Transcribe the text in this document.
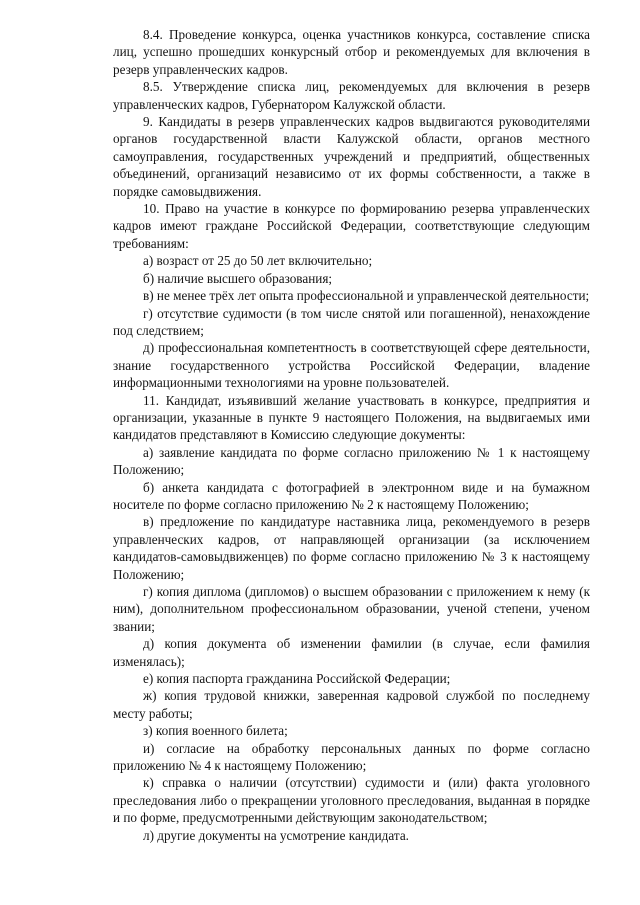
8.4. Проведение конкурса, оценка участников конкурса, составление списка лиц, успешно прошедших конкурсный отбор и рекомендуемых для включения в резерв управленческих кадров.

8.5. Утверждение списка лиц, рекомендуемых для включения в резерв управленческих кадров, Губернатором Калужской области.

9. Кандидаты в резерв управленческих кадров выдвигаются руководителями органов государственной власти Калужской области, органов местного самоуправления, государственных учреждений и предприятий, общественных объединений, организаций независимо от их формы собственности, а также в порядке самовыдвижения.

10. Право на участие в конкурсе по формированию резерва управленческих кадров имеют граждане Российской Федерации, соответствующие следующим требованиям:

а) возраст от 25 до 50 лет включительно;

б) наличие высшего образования;

в) не менее трёх лет опыта профессиональной и управленческой деятельности;

г) отсутствие судимости (в том числе снятой или погашенной), ненахождение под следствием;

д) профессиональная компетентность в соответствующей сфере деятельности, знание государственного устройства Российской Федерации, владение информационными технологиями на уровне пользователей.

11. Кандидат, изъявивший желание участвовать в конкурсе, предприятия и организации, указанные в пункте 9 настоящего Положения, на выдвигаемых ими кандидатов представляют в Комиссию следующие документы:

а) заявление кандидата по форме согласно приложению № 1 к настоящему Положению;

б) анкета кандидата с фотографией в электронном виде и на бумажном носителе по форме согласно приложению № 2 к настоящему Положению;

в) предложение по кандидатуре наставника лица, рекомендуемого в резерв управленческих кадров, от направляющей организации (за исключением кандидатов-самовыдвиженцев) по форме согласно приложению № 3 к настоящему Положению;

г) копия диплома (дипломов) о высшем образовании с приложением к нему (к ним), дополнительном профессиональном образовании, ученой степени, ученом звании;

д) копия документа об изменении фамилии (в случае, если фамилия изменялась);

е) копия паспорта гражданина Российской Федерации;

ж) копия трудовой книжки, заверенная кадровой службой по последнему месту работы;

з) копия военного билета;

и) согласие на обработку персональных данных по форме согласно приложению № 4 к настоящему Положению;

к) справка о наличии (отсутствии) судимости и (или) факта уголовного преследования либо о прекращении уголовного преследования, выданная в порядке и по форме, предусмотренными действующим законодательством;

л) другие документы на усмотрение кандидата.
